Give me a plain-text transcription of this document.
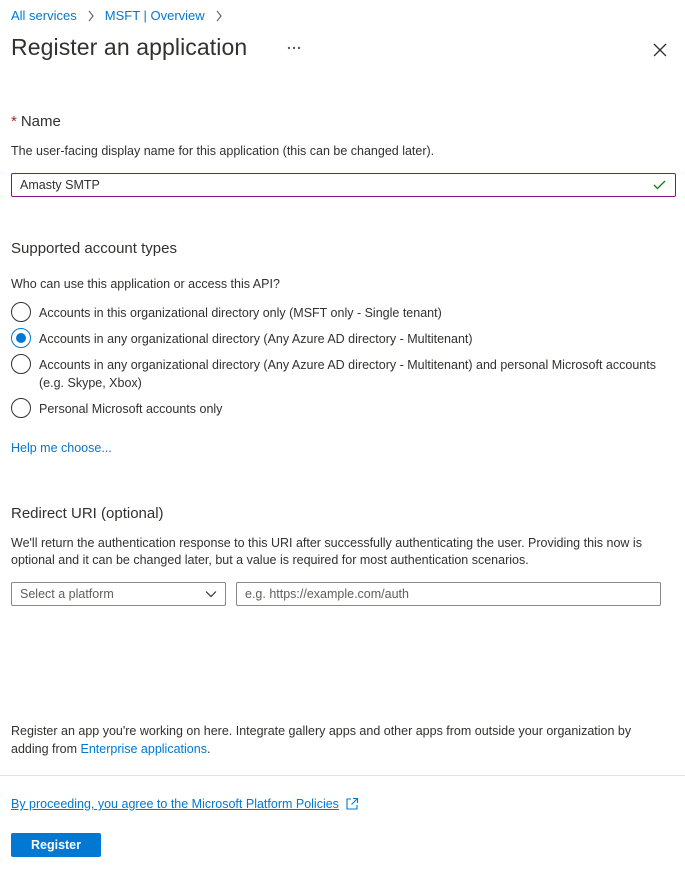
All services MSFT | Overview
Register an application
* Name
The user-facing display name for this application (this can be changed later).
Amasty SMTP
Supported account types
Who can use this application or access this API?
Accounts in this organizational directory only (MSFT only - Single tenant)
Accounts in any organizational directory (Any Azure AD directory - Multitenant)
Accounts in any organizational directory (Any Azure AD directory - Multitenant) and personal Microsoft accounts (e.g. Skype, Xbox)
Personal Microsoft accounts only
Help me choose...
Redirect URI (optional)
We'll return the authentication response to this URI after successfully authenticating the user. Providing this now is optional and it can be changed later, but a value is required for most authentication scenarios.
Select a platform	e.g. https://example.com/auth
Register an app you're working on here. Integrate gallery apps and other apps from outside your organization by adding from Enterprise applications.
By proceeding, you agree to the Microsoft Platform Policies
Register
